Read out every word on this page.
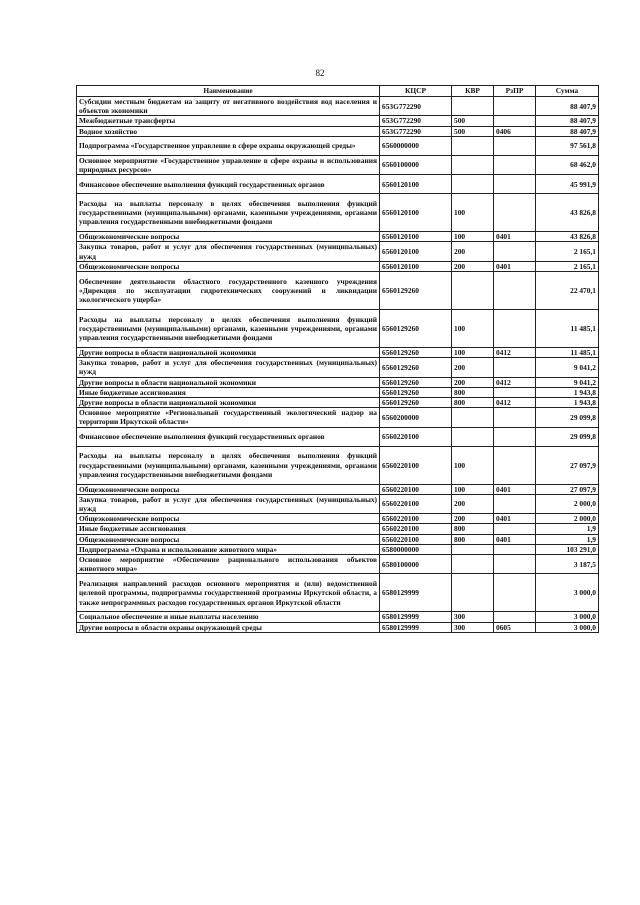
82
Наименование	КЦСР	КВР	РзПР	Сумма
Субсидии местным бюджетам на защиту от негативного воздействия вод населения и объектов экономики	653G772290			88 407,9
Межбюджетные трансферты	653G772290	500		88 407,9
Водное хозяйство	653G772290	500	0406	88 407,9
Подпрограмма «Государственное управление в сфере охраны окружающей среды»	6560000000			97 561,8
Основное мероприятие «Государственное управление в сфере охраны и использования природных ресурсов»	6560100000			68 462,0
Финансовое обеспечение выполнения функций государственных органов	6560120100			45 991,9
Расходы на выплаты персоналу в целях обеспечения выполнения функций государственными (муниципальными) органами, казенными учреждениями, органами управления государственными внебюджетными фондами	6560120100	100		43 826,8
Общеэкономические вопросы	6560120100	100	0401	43 826,8
Закупка товаров, работ и услуг для обеспечения государственных (муниципальных) нужд	6560120100	200		2 165,1
Общеэкономические вопросы	6560120100	200	0401	2 165,1
Обеспечение деятельности областного государственного казенного учреждения «Дирекция по эксплуатации гидротехнических сооружений и ликвидации экологического ущерба»	6560129260			22 470,1
Расходы на выплаты персоналу в целях обеспечения выполнения функций государственными (муниципальными) органами, казенными учреждениями, органами управления государственными внебюджетными фондами	6560129260	100		11 485,1
Другие вопросы в области национальной экономики	6560129260	100	0412	11 485,1
Закупка товаров, работ и услуг для обеспечения государственных (муниципальных) нужд	6560129260	200		9 041,2
Другие вопросы в области национальной экономики	6560129260	200	0412	9 041,2
Иные бюджетные ассигнования	6560129260	800		1 943,8
Другие вопросы в области национальной экономики	6560129260	800	0412	1 943,8
Основное мероприятие «Региональный государственный экологический надзор на территории Иркутской области»	6560200000			29 099,8
Финансовое обеспечение выполнения функций государственных органов	6560220100			29 099,8
Расходы на выплаты персоналу в целях обеспечения выполнения функций государственными (муниципальными) органами, казенными учреждениями, органами управления государственными внебюджетными фондами	6560220100	100		27 097,9
Общеэкономические вопросы	6560220100	100	0401	27 097,9
Закупка товаров, работ и услуг для обеспечения государственных (муниципальных) нужд	6560220100	200		2 000,0
Общеэкономические вопросы	6560220100	200	0401	2 000,0
Иные бюджетные ассигнования	6560220100	800		1,9
Общеэкономические вопросы	6560220100	800	0401	1,9
Подпрограмма «Охрана и использование животного мира»	6580000000			103 291,0
Основное мероприятие «Обеспечение рационального использования объектов животного мира»	6580100000			3 187,5
Реализация направлений расходов основного мероприятия и (или) ведомственной целевой программы, подпрограммы государственной программы Иркутской области, а также непрограммных расходов государственных органов Иркутской области	6580129999			3 000,0
Социальное обеспечение и иные выплаты населению	6580129999	300		3 000,0
Другие вопросы в области охраны окружающей среды	6580129999	300	0605	3 000,0
